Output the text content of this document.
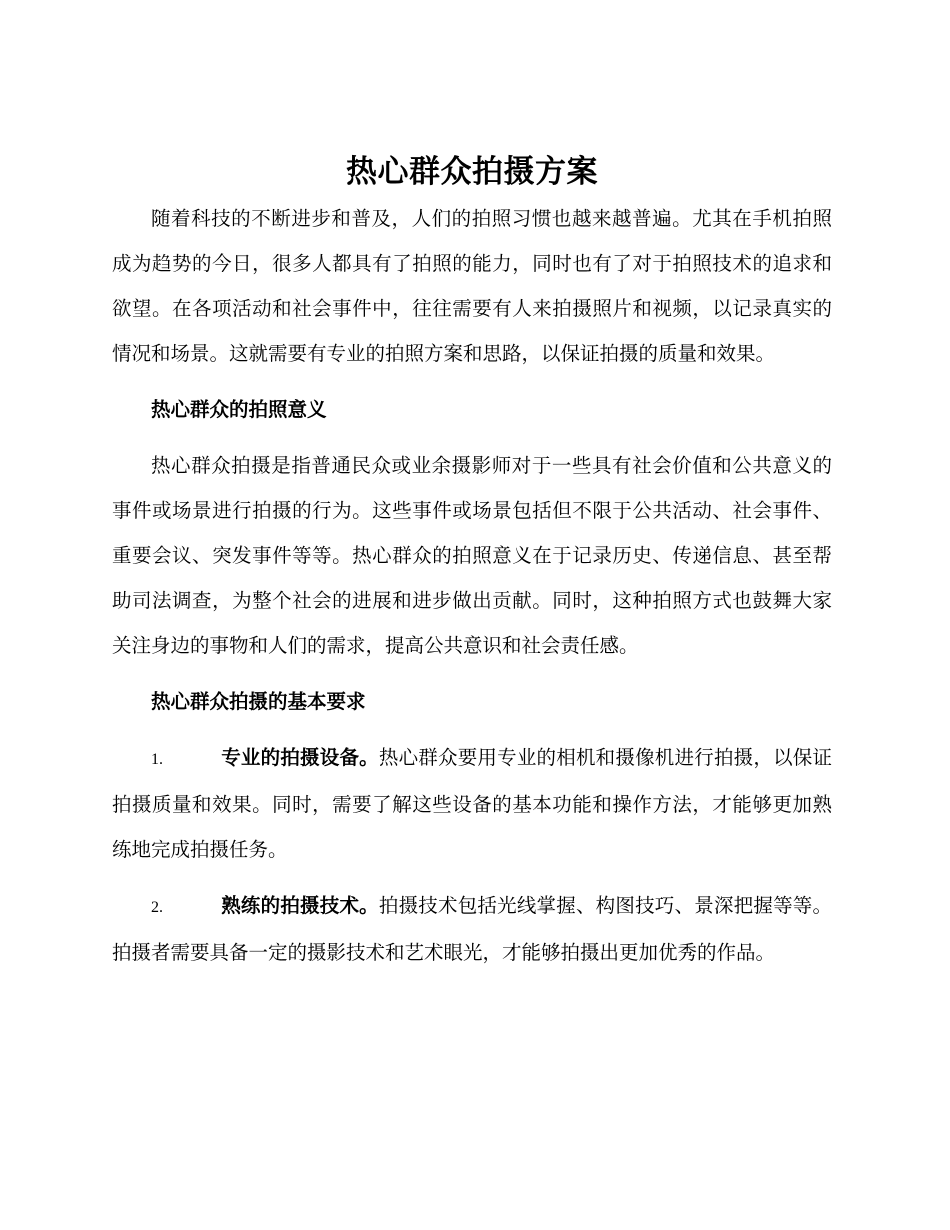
热心群众拍摄方案

随着科技的不断进步和普及，人们的拍照习惯也越来越普遍。尤其在手机拍照成为趋势的今日，很多人都具有了拍照的能力，同时也有了对于拍照技术的追求和欲望。在各项活动和社会事件中，往往需要有人来拍摄照片和视频，以记录真实的情况和场景。这就需要有专业的拍照方案和思路，以保证拍摄的质量和效果。

热心群众的拍照意义

热心群众拍摄是指普通民众或业余摄影师对于一些具有社会价值和公共意义的事件或场景进行拍摄的行为。这些事件或场景包括但不限于公共活动、社会事件、重要会议、突发事件等等。热心群众的拍照意义在于记录历史、传递信息、甚至帮助司法调查，为整个社会的进展和进步做出贡献。同时，这种拍照方式也鼓舞大家关注身边的事物和人们的需求，提高公共意识和社会责任感。

热心群众拍摄的基本要求

1.	专业的拍摄设备。热心群众要用专业的相机和摄像机进行拍摄，以保证拍摄质量和效果。同时，需要了解这些设备的基本功能和操作方法，才能够更加熟练地完成拍摄任务。

2.	熟练的拍摄技术。拍摄技术包括光线掌握、构图技巧、景深把握等等。拍摄者需要具备一定的摄影技术和艺术眼光，才能够拍摄出更加优秀的作品。
